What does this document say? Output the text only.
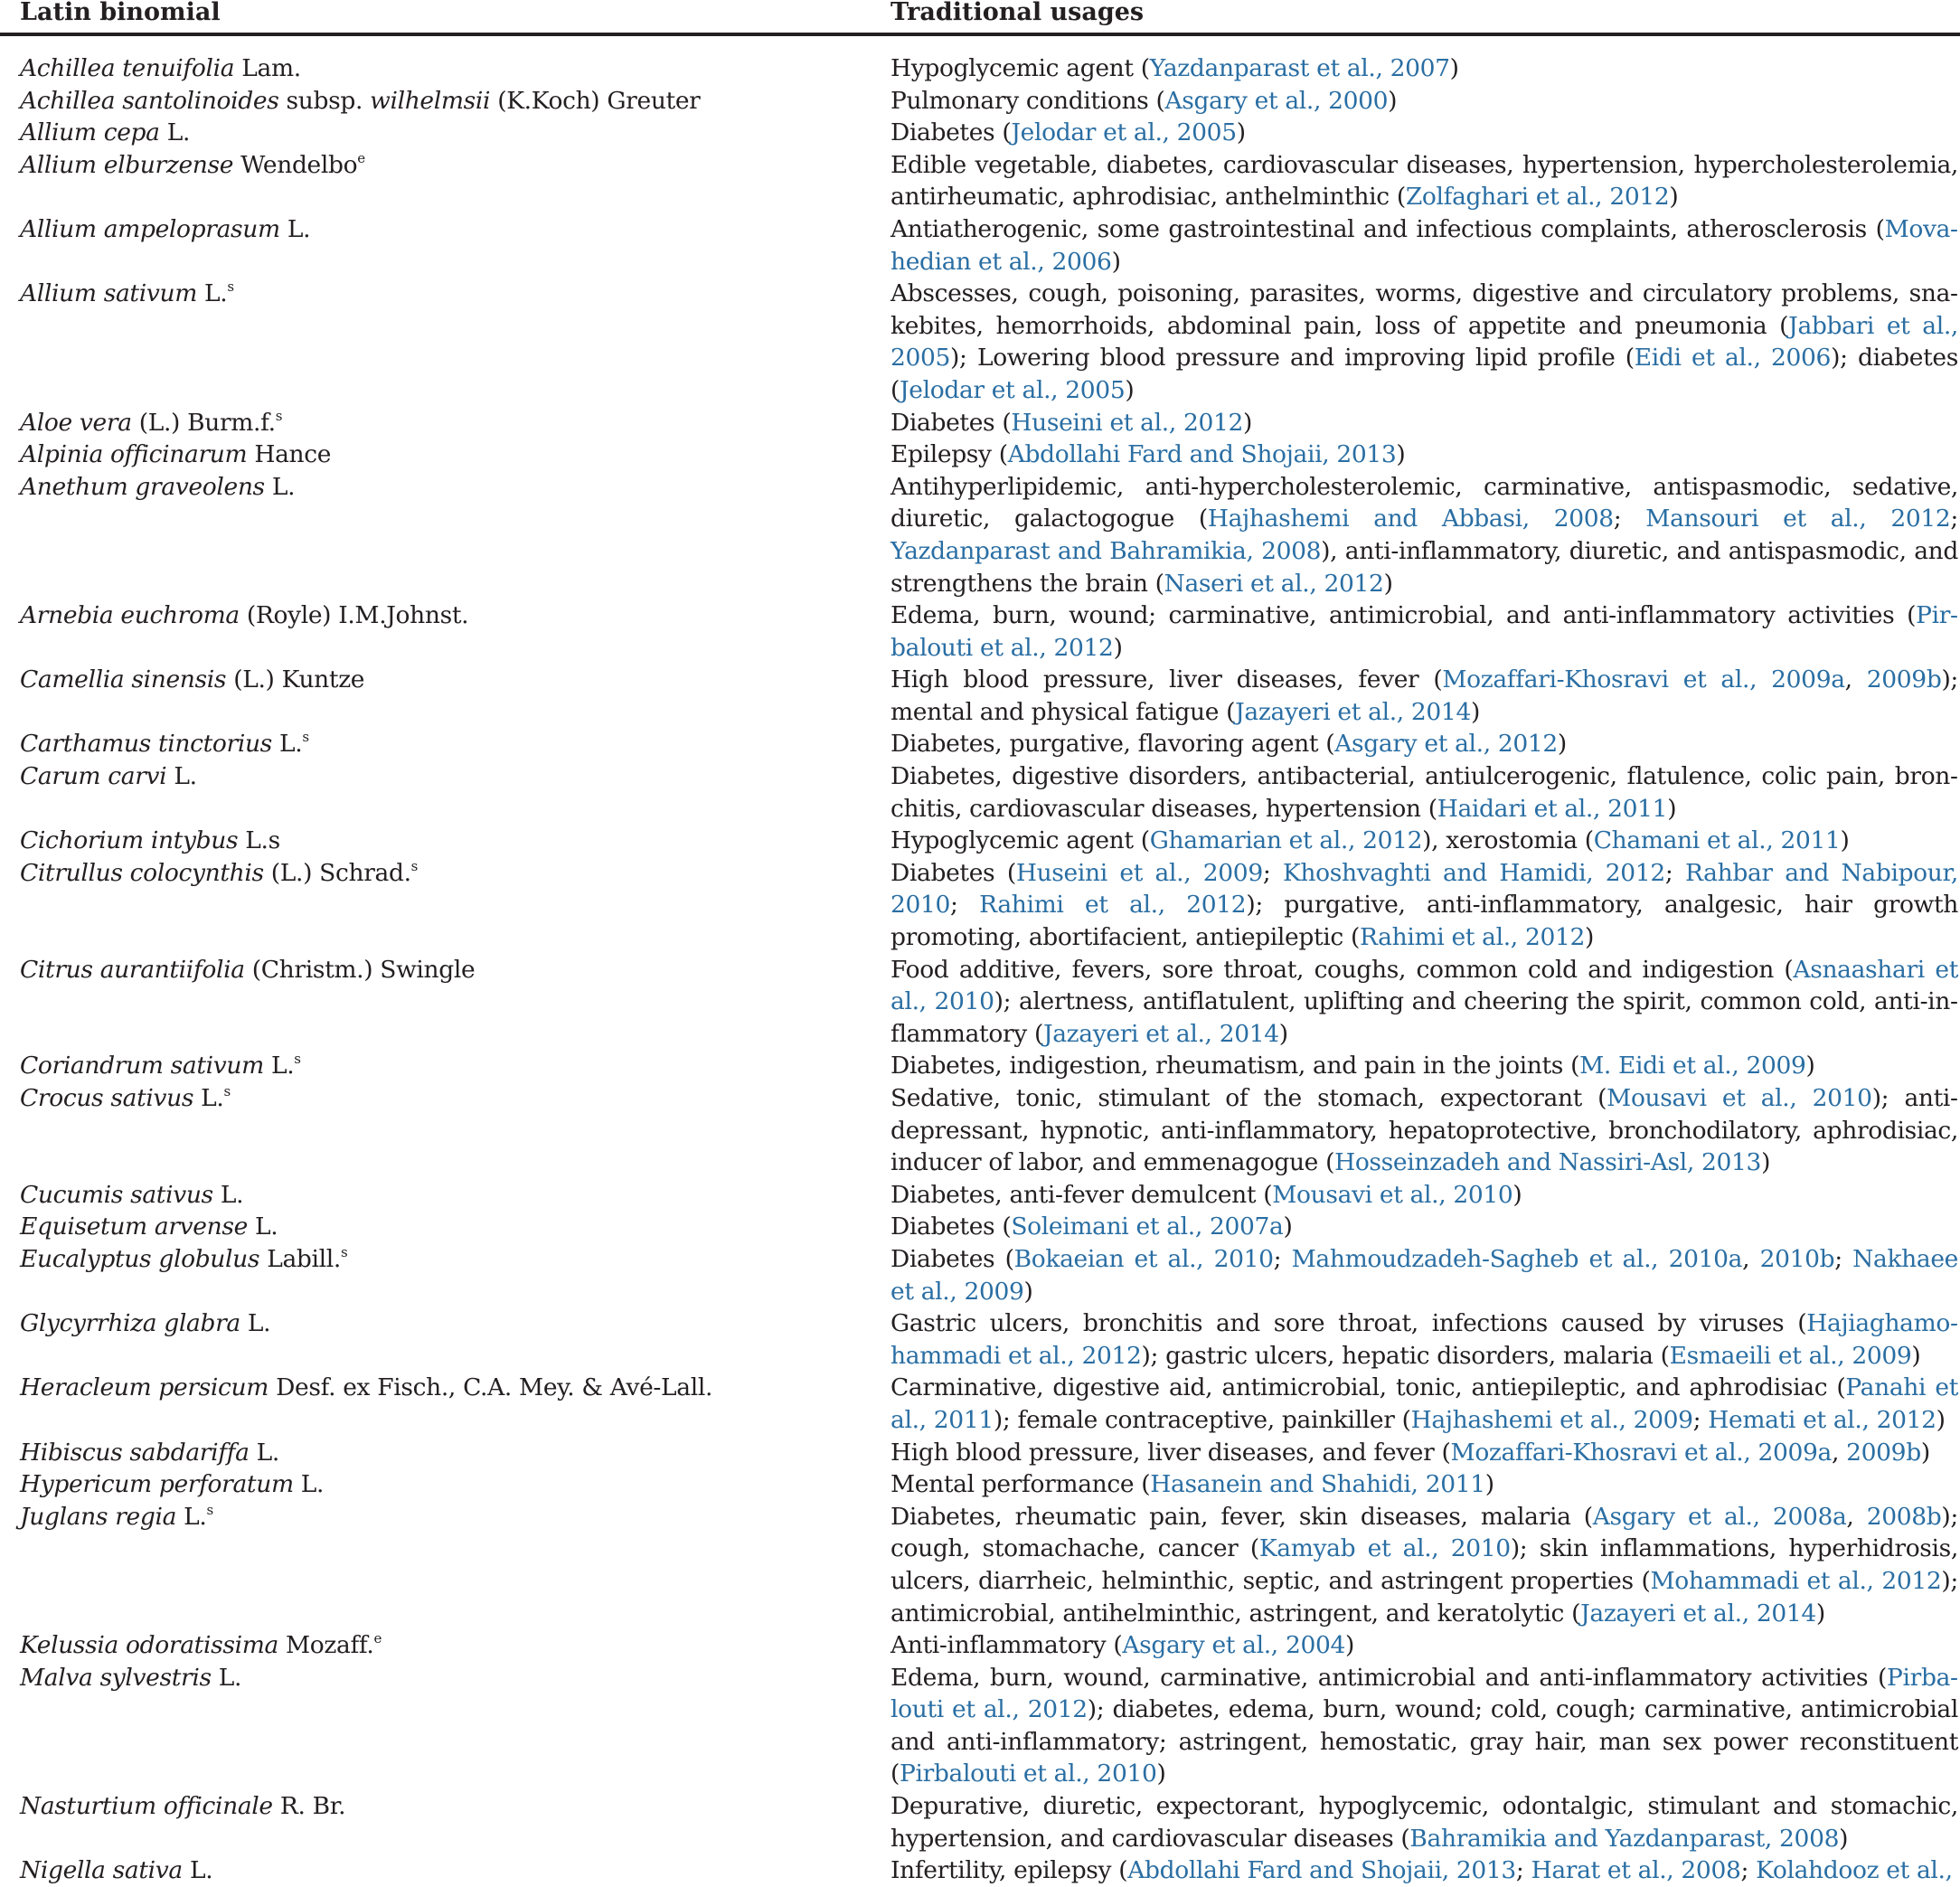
Latin binomial	Traditional usages
Achillea tenuifolia Lam.	Hypoglycemic agent (Yazdanparast et al., 2007)
Achillea santolinoides subsp. wilhelmsii (K.Koch) Greuter	Pulmonary conditions (Asgary et al., 2000)
Allium cepa L.	Diabetes (Jelodar et al., 2005)
Allium elburzense Wendelbo$^e$	Edible vegetable, diabetes, cardiovascular diseases, hypertension, hypercholesterolemia, antirheumatic, aphrodisiac, anthelminthic (Zolfaghari et al., 2012)
Allium ampeloprasum L.	Antiatherogenic, some gastrointestinal and infectious complaints, atherosclerosis (Movahedian et al., 2006)
Allium sativum L.$^s$	Abscesses, cough, poisoning, parasites, worms, digestive and circulatory problems, snakebites, hemorrhoids, abdominal pain, loss of appetite and pneumonia (Jabbari et al., 2005); Lowering blood pressure and improving lipid profile (Eidi et al., 2006); diabetes (Jelodar et al., 2005)
Aloe vera (L.) Burm.f.$^s$	Diabetes (Huseini et al., 2012)
Alpinia officinarum Hance	Epilepsy (Abdollahi Fard and Shojaii, 2013)
Anethum graveolens L.	Antihyperlipidemic, anti-hypercholesterolemic, carminative, antispasmodic, sedative, diuretic, galactogogue (Hajhashemi and Abbasi, 2008; Mansouri et al., 2012; Yazdanparast and Bahramikia, 2008), anti-inflammatory, diuretic, and antispasmodic, and strengthens the brain (Naseri et al., 2012)
Arnebia euchroma (Royle) I.M.Johnst.	Edema, burn, wound; carminative, antimicrobial, and anti-inflammatory activities (Pirbalouti et al., 2012)
Camellia sinensis (L.) Kuntze	High blood pressure, liver diseases, fever (Mozaffari-Khosravi et al., 2009a, 2009b); mental and physical fatigue (Jazayeri et al., 2014)
Carthamus tinctorius L.$^s$	Diabetes, purgative, flavoring agent (Asgary et al., 2012)
Carum carvi L.	Diabetes, digestive disorders, antibacterial, antiulcerogenic, flatulence, colic pain, bronchitis, cardiovascular diseases, hypertension (Haidari et al., 2011)
Cichorium intybus L.s	Hypoglycemic agent (Ghamarian et al., 2012), xerostomia (Chamani et al., 2011)
Citrullus colocynthis (L.) Schrad.$^s$	Diabetes (Huseini et al., 2009; Khoshvaghti and Hamidi, 2012; Rahbar and Nabipour, 2010; Rahimi et al., 2012); purgative, anti-inflammatory, analgesic, hair growth promoting, abortifacient, antiepileptic (Rahimi et al., 2012)
Citrus aurantiifolia (Christm.) Swingle	Food additive, fevers, sore throat, coughs, common cold and indigestion (Asnaashari et al., 2010); alertness, antiflatulent, uplifting and cheering the spirit, common cold, anti-inflammatory (Jazayeri et al., 2014)
Coriandrum sativum L.$^s$	Diabetes, indigestion, rheumatism, and pain in the joints (M. Eidi et al., 2009)
Crocus sativus L.$^s$	Sedative, tonic, stimulant of the stomach, expectorant (Mousavi et al., 2010); antidepressant, hypnotic, anti-inflammatory, hepatoprotective, bronchodilatory, aphrodisiac, inducer of labor, and emmenagogue (Hosseinzadeh and Nassiri-Asl, 2013)
Cucumis sativus L.	Diabetes, anti-fever demulcent (Mousavi et al., 2010)
Equisetum arvense L.	Diabetes (Soleimani et al., 2007a)
Eucalyptus globulus Labill.$^s$	Diabetes (Bokaeian et al., 2010; Mahmoudzadeh-Sagheb et al., 2010a, 2010b; Nakhaee et al., 2009)
Glycyrrhiza glabra L.	Gastric ulcers, bronchitis and sore throat, infections caused by viruses (Hajiaghamohammadi et al., 2012); gastric ulcers, hepatic disorders, malaria (Esmaeili et al., 2009)
Heracleum persicum Desf. ex Fisch., C.A. Mey. & Avé-Lall.	Carminative, digestive aid, antimicrobial, tonic, antiepileptic, and aphrodisiac (Panahi et al., 2011); female contraceptive, painkiller (Hajhashemi et al., 2009; Hemati et al., 2012)
Hibiscus sabdariffa L.	High blood pressure, liver diseases, and fever (Mozaffari-Khosravi et al., 2009a, 2009b)
Hypericum perforatum L.	Mental performance (Hasanein and Shahidi, 2011)
Juglans regia L.$^s$	Diabetes, rheumatic pain, fever, skin diseases, malaria (Asgary et al., 2008a, 2008b); cough, stomachache, cancer (Kamyab et al., 2010); skin inflammations, hyperhidrosis, ulcers, diarrheic, helminthic, septic, and astringent properties (Mohammadi et al., 2012); antimicrobial, antihelminthic, astringent, and keratolytic (Jazayeri et al., 2014)
Kelussia odoratissima Mozaff.$^e$	Anti-inflammatory (Asgary et al., 2004)
Malva sylvestris L.	Edema, burn, wound, carminative, antimicrobial and anti-inflammatory activities (Pirbalouti et al., 2012); diabetes, edema, burn, wound; cold, cough; carminative, antimicrobial and anti-inflammatory; astringent, hemostatic, gray hair, man sex power reconstituent (Pirbalouti et al., 2010)
Nasturtium officinale R. Br.	Depurative, diuretic, expectorant, hypoglycemic, odontalgic, stimulant and stomachic, hypertension, and cardiovascular diseases (Bahramikia and Yazdanparast, 2008)
Nigella sativa L.	Infertility, epilepsy (Abdollahi Fard and Shojaii, 2013; Harat et al., 2008; Kolahdooz et al.,
